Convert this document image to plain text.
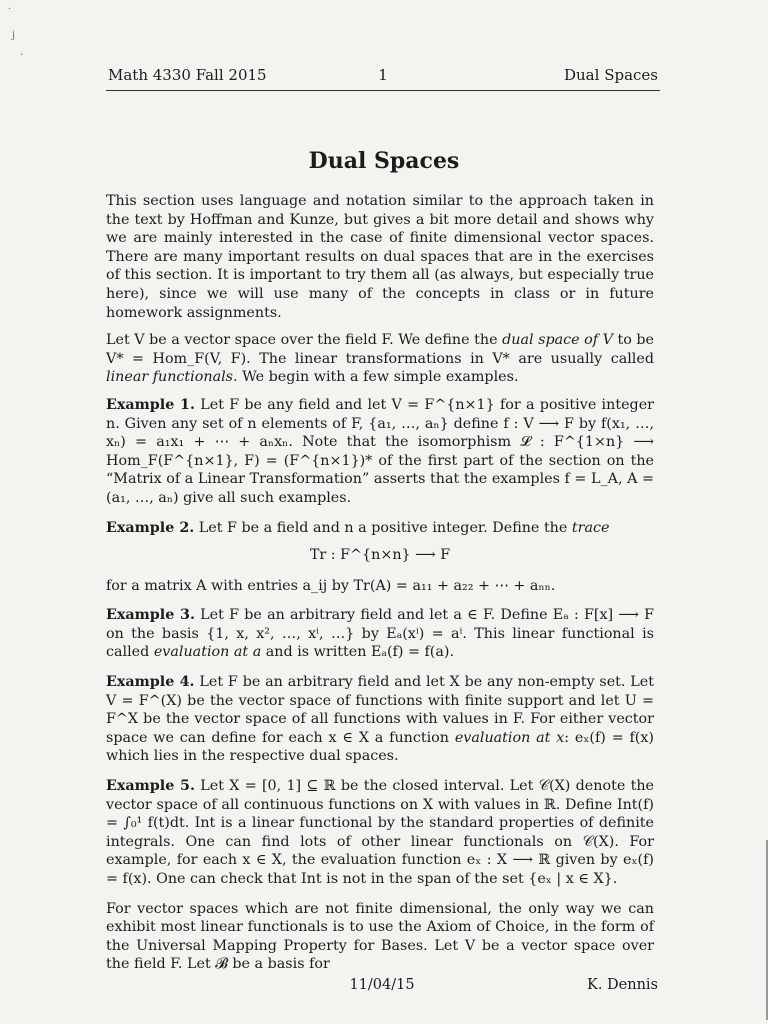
·
j
·
Math 4330 Fall 2015	1	Dual Spaces
Dual Spaces

This section uses language and notation similar to the approach taken in the text by Hoffman and Kunze, but gives a bit more detail and shows why we are mainly interested in the case of finite dimensional vector spaces. There are many important results on dual spaces that are in the exercises of this section. It is important to try them all (as always, but especially true here), since we will use many of the concepts in class or in future homework assignments.

Let V be a vector space over the field F. We define the dual space of V to be V* = Hom_F(V, F). The linear transformations in V* are usually called linear functionals. We begin with a few simple examples.

Example 1. Let F be any field and let V = F^{n×1} for a positive integer n. Given any set of n elements of F, {a₁, …, aₙ} define f : V ⟶ F by f(x₁, …, xₙ) = a₁x₁ + ⋯ + aₙxₙ. Note that the isomorphism 𝓛 : F^{1×n} ⟶ Hom_F(F^{n×1}, F) = (F^{n×1})* of the first part of the section on the “Matrix of a Linear Transformation” asserts that the examples f = L_A, A = (a₁, …, aₙ) give all such examples.

Example 2. Let F be a field and n a positive integer. Define the trace

Tr : F^{n×n} ⟶ F

for a matrix A with entries a_ij by Tr(A) = a₁₁ + a₂₂ + ⋯ + aₙₙ.

Example 3. Let F be an arbitrary field and let a ∈ F. Define Eₐ : F[x] ⟶ F on the basis {1, x, x², …, xⁱ, …} by Eₐ(xⁱ) = aⁱ. This linear functional is called evaluation at a and is written Eₐ(f) = f(a).

Example 4. Let F be an arbitrary field and let X be any non-empty set. Let V = F^(X) be the vector space of functions with finite support and let U = F^X be the vector space of all functions with values in F. For either vector space we can define for each x ∈ X a function evaluation at x: eₓ(f) = f(x) which lies in the respective dual spaces.

Example 5. Let X = [0, 1] ⊆ ℝ be the closed interval. Let 𝒞(X) denote the vector space of all continuous functions on X with values in ℝ. Define Int(f) = ∫₀¹ f(t)dt. Int is a linear functional by the standard properties of definite integrals. One can find lots of other linear functionals on 𝒞(X). For example, for each x ∈ X, the evaluation function eₓ : X ⟶ ℝ given by eₓ(f) = f(x). One can check that Int is not in the span of the set {eₓ | x ∈ X}.

For vector spaces which are not finite dimensional, the only way we can exhibit most linear functionals is to use the Axiom of Choice, in the form of the Universal Mapping Property for Bases. Let V be a vector space over the field F. Let 𝓑 be a basis for

11/04/15	K. Dennis
